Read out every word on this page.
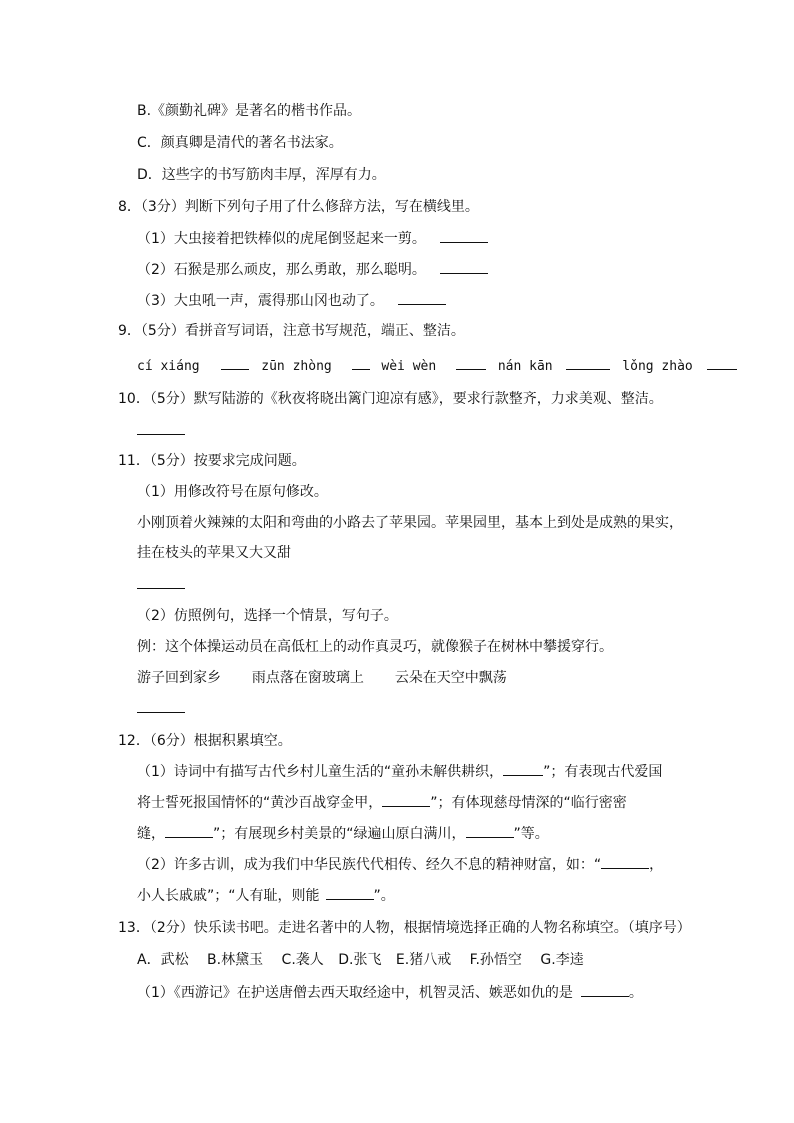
B.《颜勤礼碑》是著名的楷书作品。
C．颜真卿是清代的著名书法家。
D．这些字的书写筋肉丰厚，浑厚有力。
8．（3分）判断下列句子用了什么修辞方法，写在横线里。
（1）大虫接着把铁棒似的虎尾倒竖起来一剪。
（2）石猴是那么顽皮，那么勇敢，那么聪明。
（3）大虫吼一声，震得那山冈也动了。
9．（5分）看拼音写词语，注意书写规范，端正、整洁。
cí xiáng	zūn zhòng	wèi wèn	nán kān	lǒng zhào
10．（5分）默写陆游的《秋夜将晓出篱门迎凉有感》，要求行款整齐，力求美观、整洁。
11．（5分）按要求完成问题。
（1）用修改符号在原句修改。
小刚顶着火辣辣的太阳和弯曲的小路去了苹果园。苹果园里，基本上到处是成熟的果实，
挂在枝头的苹果又大又甜
（2）仿照例句，选择一个情景，写句子。
例：这个体操运动员在高低杠上的动作真灵巧，就像猴子在树林中攀援穿行。
游子回到家乡 雨点落在窗玻璃上 云朵在天空中飘荡
12．（6分）根据积累填空。
（1）诗词中有描写古代乡村儿童生活的“童孙未解供耕织，	”；有表现古代爱国
将士誓死报国情怀的“黄沙百战穿金甲，	”；有体现慈母情深的“临行密密
缝，	”；有展现乡村美景的“绿遍山原白满川，	”等。
（2）许多古训，成为我们中华民族代代相传、经久不息的精神财富，如：“	，
小人长戚戚”；“人有耻，则能	”。
13．（2分）快乐读书吧。走进名著中的人物，根据情境选择正确的人物名称填空。（填序号）
A．武松 B.林黛玉 C.袭人 D.张飞 E.猪八戒 F.孙悟空 G.李逵
（1）《西游记》在护送唐僧去西天取经途中，机智灵活、嫉恶如仇的是	。
